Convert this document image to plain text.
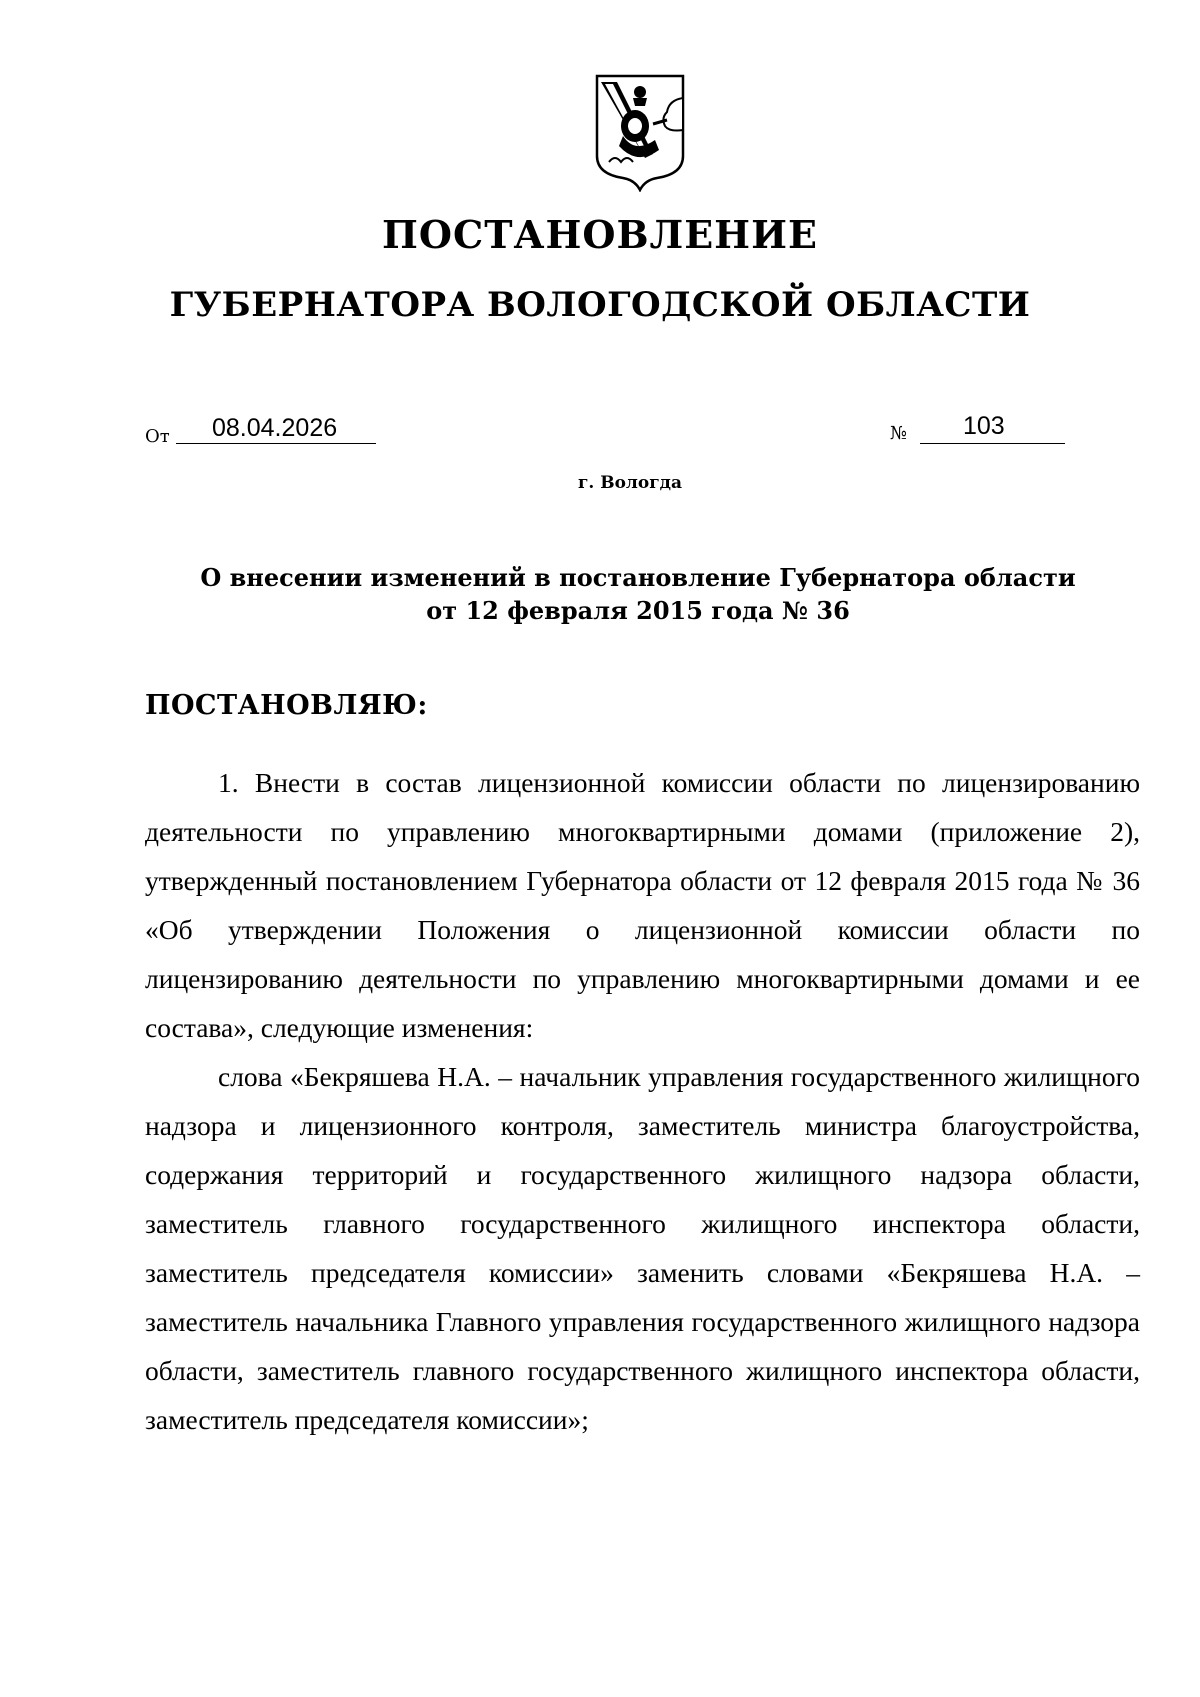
ПОСТАНОВЛЕНИЕ
ГУБЕРНАТОРА ВОЛОГОДСКОЙ ОБЛАСТИ
От 08.04.2026	№ 103
г. Вологда
О внесении изменений в постановление Губернатора области
от 12 февраля 2015 года № 36
ПОСТАНОВЛЯЮ:

1. Внести в состав лицензионной комиссии области по лицензированию деятельности по управлению многоквартирными домами (приложение 2), утвержденный постановлением Губернатора области от 12 февраля 2015 года № 36 «Об утверждении Положения о лицензионной комиссии области по лицензированию деятельности по управлению многоквартирными домами и ее состава», следующие изменения:

слова «Бекряшева Н.А. – начальник управления государственного жилищного надзора и лицензионного контроля, заместитель министра благоустройства, содержания территорий и государственного жилищного надзора области, заместитель главного государственного жилищного инспектора области, заместитель председателя комиссии» заменить словами «Бекряшева Н.А. – заместитель начальника Главного управления государственного жилищного надзора области, заместитель главного государственного жилищного инспектора области, заместитель председателя комиссии»;
